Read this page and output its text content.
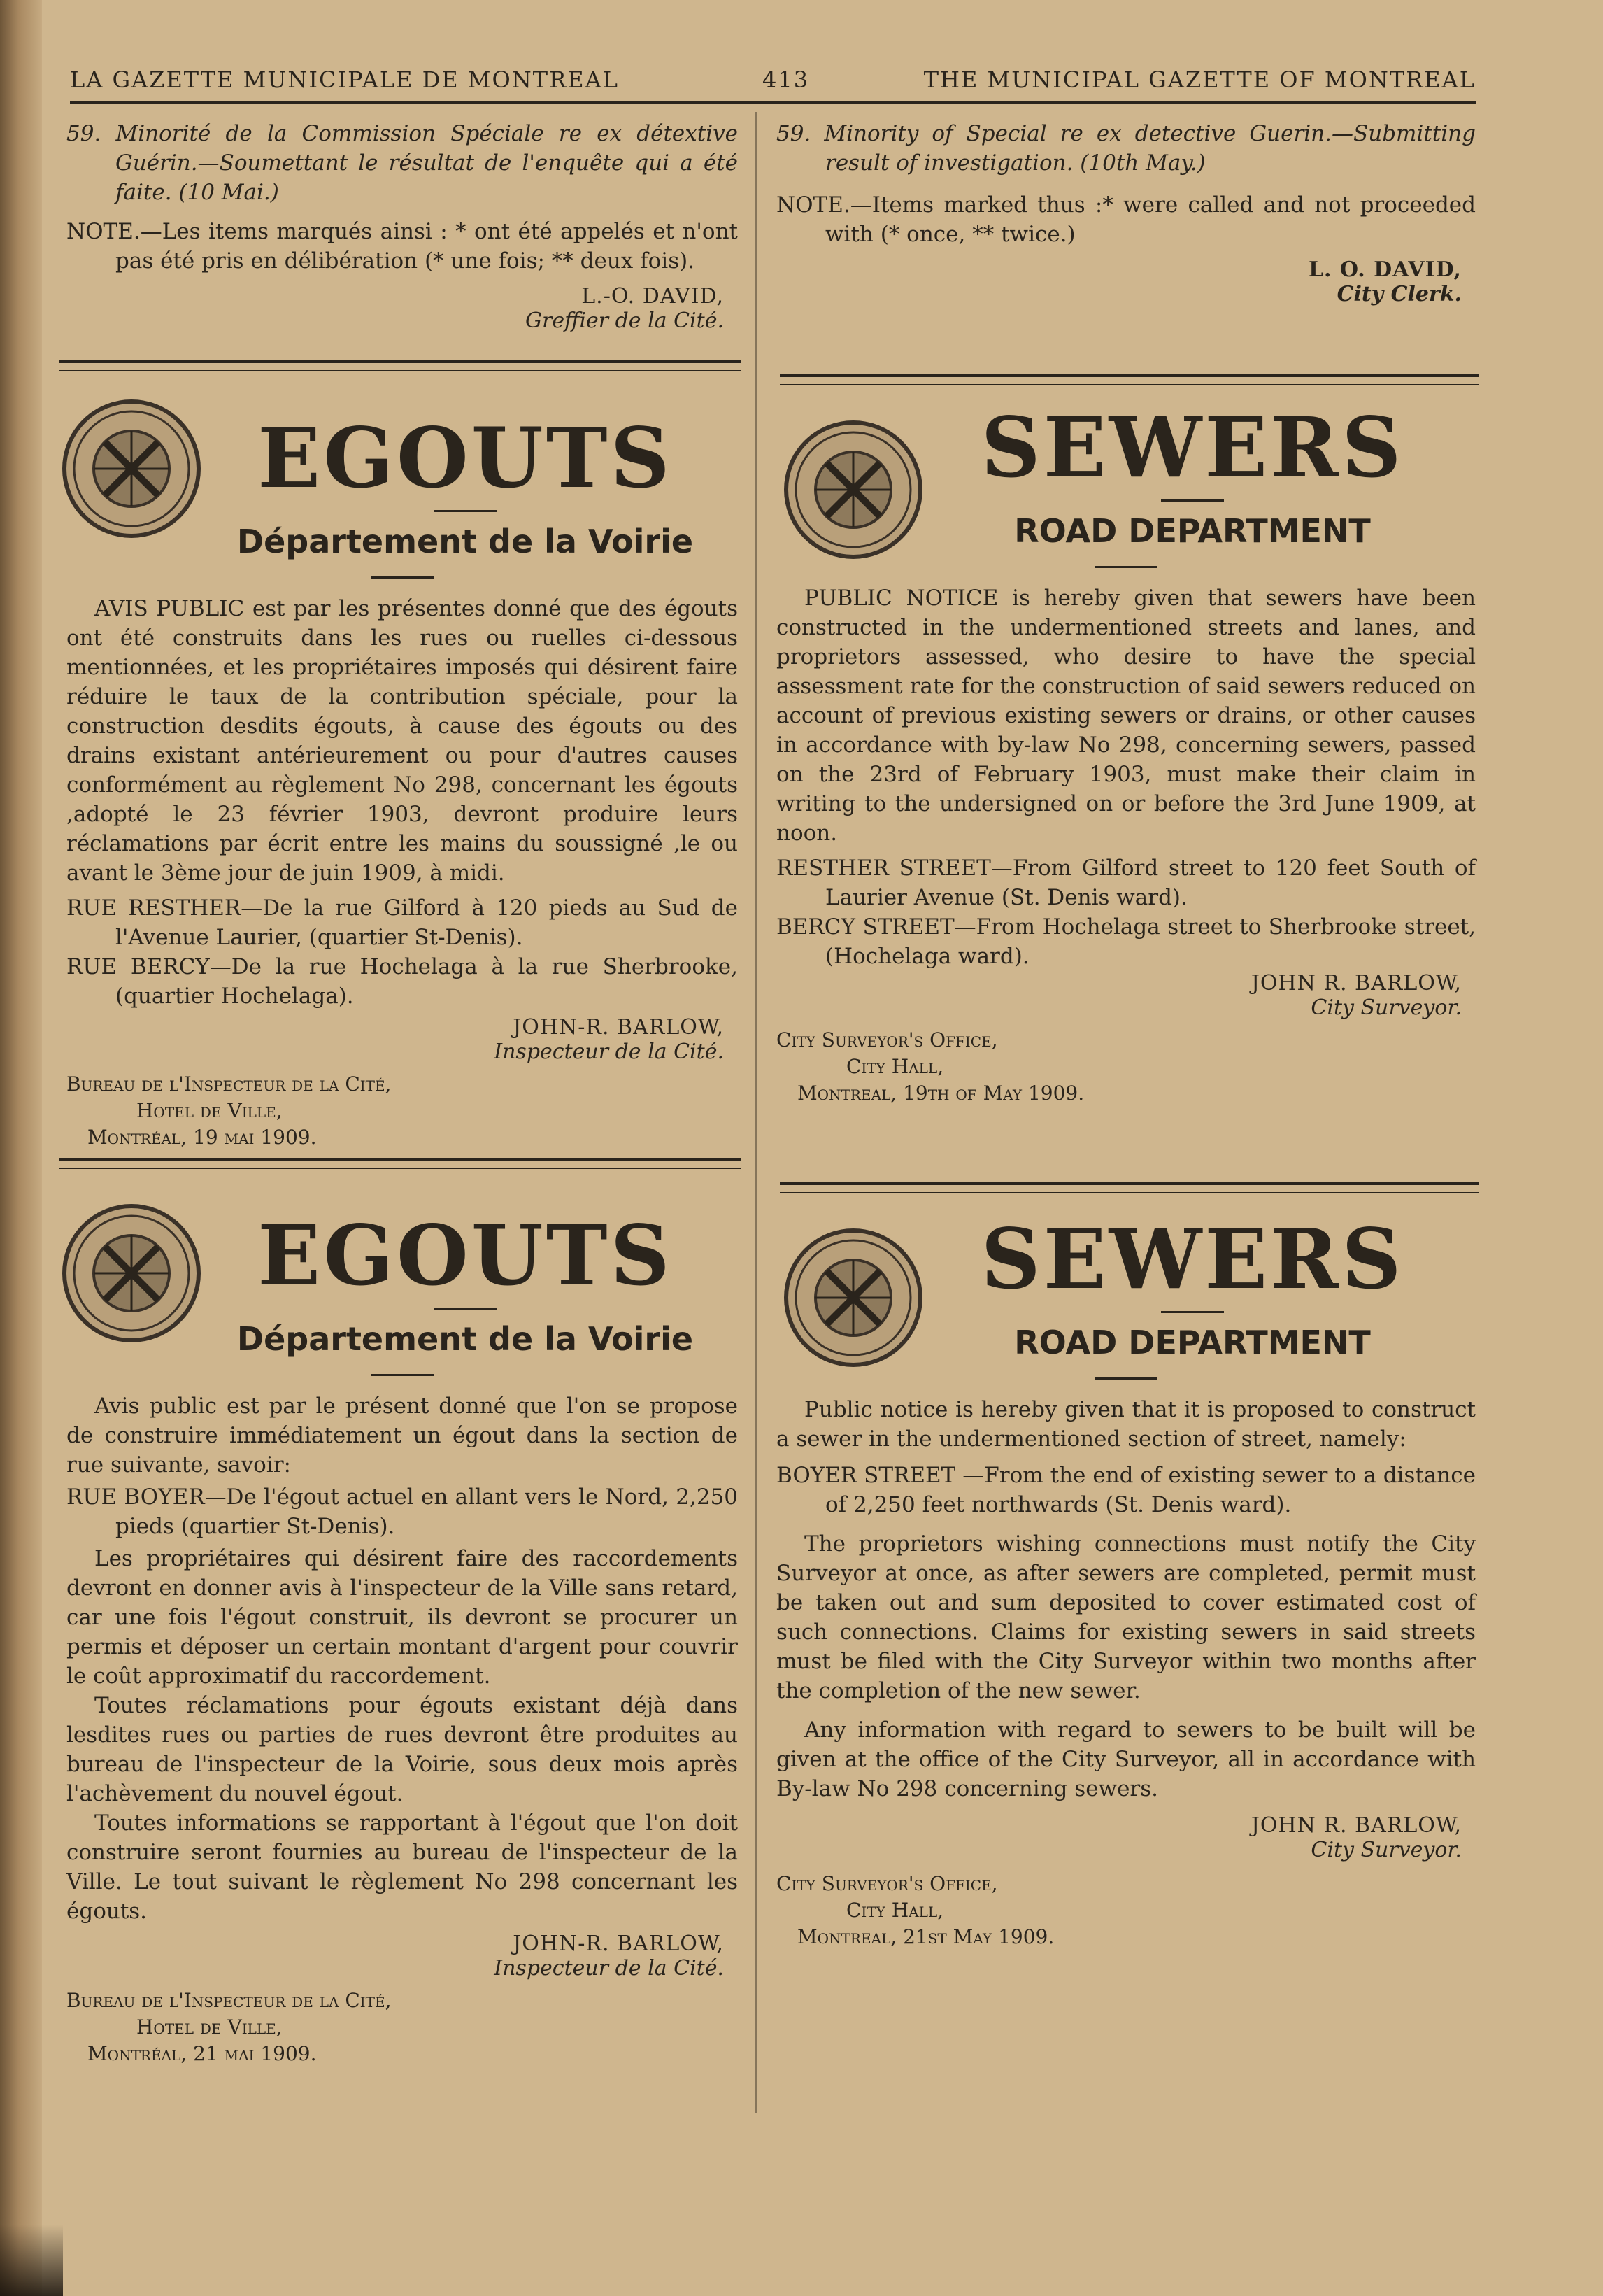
LA GAZETTE MUNICIPALE DE MONTREAL	413	THE MUNICIPAL GAZETTE OF MONTREAL

59. Minorité de la Commission Spéciale re ex détextive Guérin.—Soumettant le résultat de l'enquête qui a été faite. (10 Mai.)

NOTE.—Les items marqués ainsi : * ont été appelés et n'ont pas été pris en délibération (* une fois; ** deux fois).

L.-O. DAVID,

Greffier de la Cité.

59. Minority of Special re ex detective Guerin.—Submitting result of investigation. (10th May.)

NOTE.—Items marked thus :* were called and not proceeded with (* once, ** twice.)

L. O. DAVID,

City Clerk.

EGOUTS
Département de la Voirie

AVIS PUBLIC est par les présentes donné que des égouts ont été construits dans les rues ou ruelles ci-dessous mentionnées, et les propriétaires imposés qui désirent faire réduire le taux de la contribution spéciale, pour la construction desdits égouts, à cause des égouts ou des drains existant antérieurement ou pour d'autres causes conformément au règlement No 298, concernant les égouts ,adopté le 23 février 1903, devront produire leurs réclamations par écrit entre les mains du soussigné ,le ou avant le 3ème jour de juin 1909, à midi.

RUE RESTHER—De la rue Gilford à 120 pieds au Sud de l'Avenue Laurier, (quartier St-Denis).

RUE BERCY—De la rue Hochelaga à la rue Sherbrooke, (quartier Hochelaga).

JOHN-R. BARLOW,

Inspecteur de la Cité.

Bureau de l'Inspecteur de la Cité,
Hotel de Ville,
Montréal, 19 mai 1909.
SEWERS
ROAD DEPARTMENT

PUBLIC NOTICE is hereby given that sewers have been constructed in the undermentioned streets and lanes, and proprietors assessed, who desire to have the special assessment rate for the construction of said sewers reduced on account of previous existing sewers or drains, or other causes in accordance with by-law No 298, concerning sewers, passed on the 23rd of February 1903, must make their claim in writing to the undersigned on or before the 3rd June 1909, at noon.

RESTHER STREET—From Gilford street to 120 feet South of Laurier Avenue (St. Denis ward).

BERCY STREET—From Hochelaga street to Sherbrooke street, (Hochelaga ward).

JOHN R. BARLOW,

City Surveyor.

City Surveyor's Office,
City Hall,
Montreal, 19th of May 1909.
EGOUTS
Département de la Voirie

Avis public est par le présent donné que l'on se propose de construire immédiatement un égout dans la section de rue suivante, savoir:

RUE BOYER—De l'égout actuel en allant vers le Nord, 2,250 pieds (quartier St-Denis).

Les propriétaires qui désirent faire des raccordements devront en donner avis à l'inspecteur de la Ville sans retard, car une fois l'égout construit, ils devront se procurer un permis et déposer un certain montant d'argent pour couvrir le coût approximatif du raccordement.

Toutes réclamations pour égouts existant déjà dans lesdites rues ou parties de rues devront être produites au bureau de l'inspecteur de la Voirie, sous deux mois après l'achèvement du nouvel égout.

Toutes informations se rapportant à l'égout que l'on doit construire seront fournies au bureau de l'inspecteur de la Ville. Le tout suivant le règlement No 298 concernant les égouts.

JOHN-R. BARLOW,

Inspecteur de la Cité.

Bureau de l'Inspecteur de la Cité,
Hotel de Ville,
Montréal, 21 mai 1909.
SEWERS
ROAD DEPARTMENT

Public notice is hereby given that it is proposed to construct a sewer in the undermentioned section of street, namely:

BOYER STREET —From the end of existing sewer to a distance of 2,250 feet northwards (St. Denis ward).

The proprietors wishing connections must notify the City Surveyor at once, as after sewers are completed, permit must be taken out and sum deposited to cover estimated cost of such connections. Claims for existing sewers in said streets must be filed with the City Surveyor within two months after the completion of the new sewer.

Any information with regard to sewers to be built will be given at the office of the City Surveyor, all in accordance with By-law No 298 concerning sewers.

JOHN R. BARLOW,

City Surveyor.

City Surveyor's Office,
City Hall,
Montreal, 21st May 1909.
